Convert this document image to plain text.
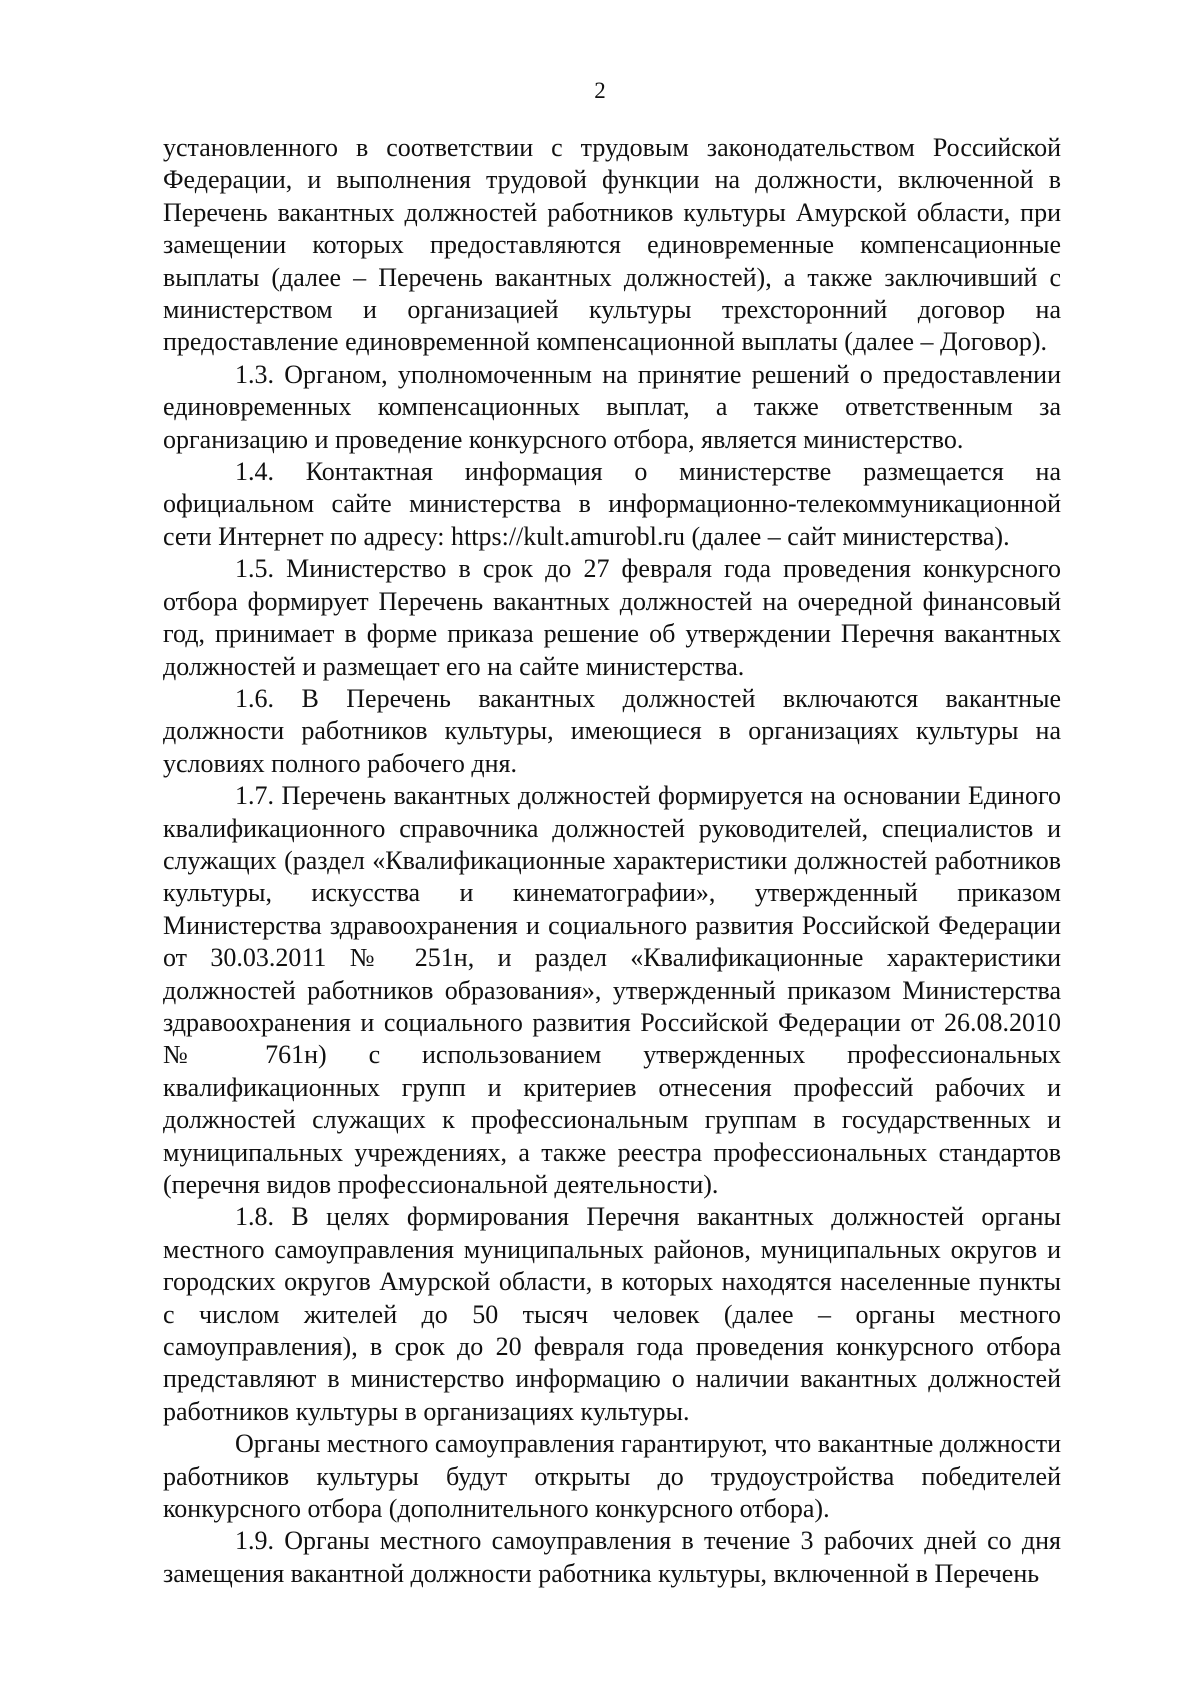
2

установленного в соответствии с трудовым законодательством Российской Федерации, и выполнения трудовой функции на должности, включенной в Перечень вакантных должностей работников культуры Амурской области, при замещении которых предоставляются единовременные компенсационные выплаты (далее – Перечень вакантных должностей), а также заключивший с министерством и организацией культуры трехсторонний договор на предоставление единовременной компенсационной выплаты (далее – Договор).

1.3. Органом, уполномоченным на принятие решений о предоставлении единовременных компенсационных выплат, а также ответственным за организацию и проведение конкурсного отбора, является министерство.

1.4. Контактная информация о министерстве размещается на официальном сайте министерства в информационно-телекоммуникационной сети Интернет по адресу: https://kult.amurobl.ru (далее – сайт министерства).

1.5. Министерство в срок до 27 февраля года проведения конкурсного отбора формирует Перечень вакантных должностей на очередной финансовый год, принимает в форме приказа решение об утверждении Перечня вакантных должностей и размещает его на сайте министерства.

1.6. В Перечень вакантных должностей включаются вакантные должности работников культуры, имеющиеся в организациях культуры на условиях полного рабочего дня.

1.7. Перечень вакантных должностей формируется на основании Единого квалификационного справочника должностей руководителей, специалистов и служащих (раздел «Квалификационные характеристики должностей работников культуры, искусства и кинематографии», утвержденный приказом Министерства здравоохранения и социального развития Российской Федерации от 30.03.2011 № 251н, и раздел «Квалификационные характеристики должностей работников образования», утвержденный приказом Министерства здравоохранения и социального развития Российской Федерации от 26.08.2010 № 761н) с использованием утвержденных профессиональных квалификационных групп и критериев отнесения профессий рабочих и должностей служащих к профессиональным группам в государственных и муниципальных учреждениях, а также реестра профессиональных стандартов (перечня видов профессиональной деятельности).

1.8. В целях формирования Перечня вакантных должностей органы местного самоуправления муниципальных районов, муниципальных округов и городских округов Амурской области, в которых находятся населенные пункты с числом жителей до 50 тысяч человек (далее – органы местного самоуправления), в срок до 20 февраля года проведения конкурсного отбора представляют в министерство информацию о наличии вакантных должностей работников культуры в организациях культуры.

Органы местного самоуправления гарантируют, что вакантные должности работников культуры будут открыты до трудоустройства победителей конкурсного отбора (дополнительного конкурсного отбора).

1.9. Органы местного самоуправления в течение 3 рабочих дней со дня замещения вакантной должности работника культуры, включенной в Перечень
